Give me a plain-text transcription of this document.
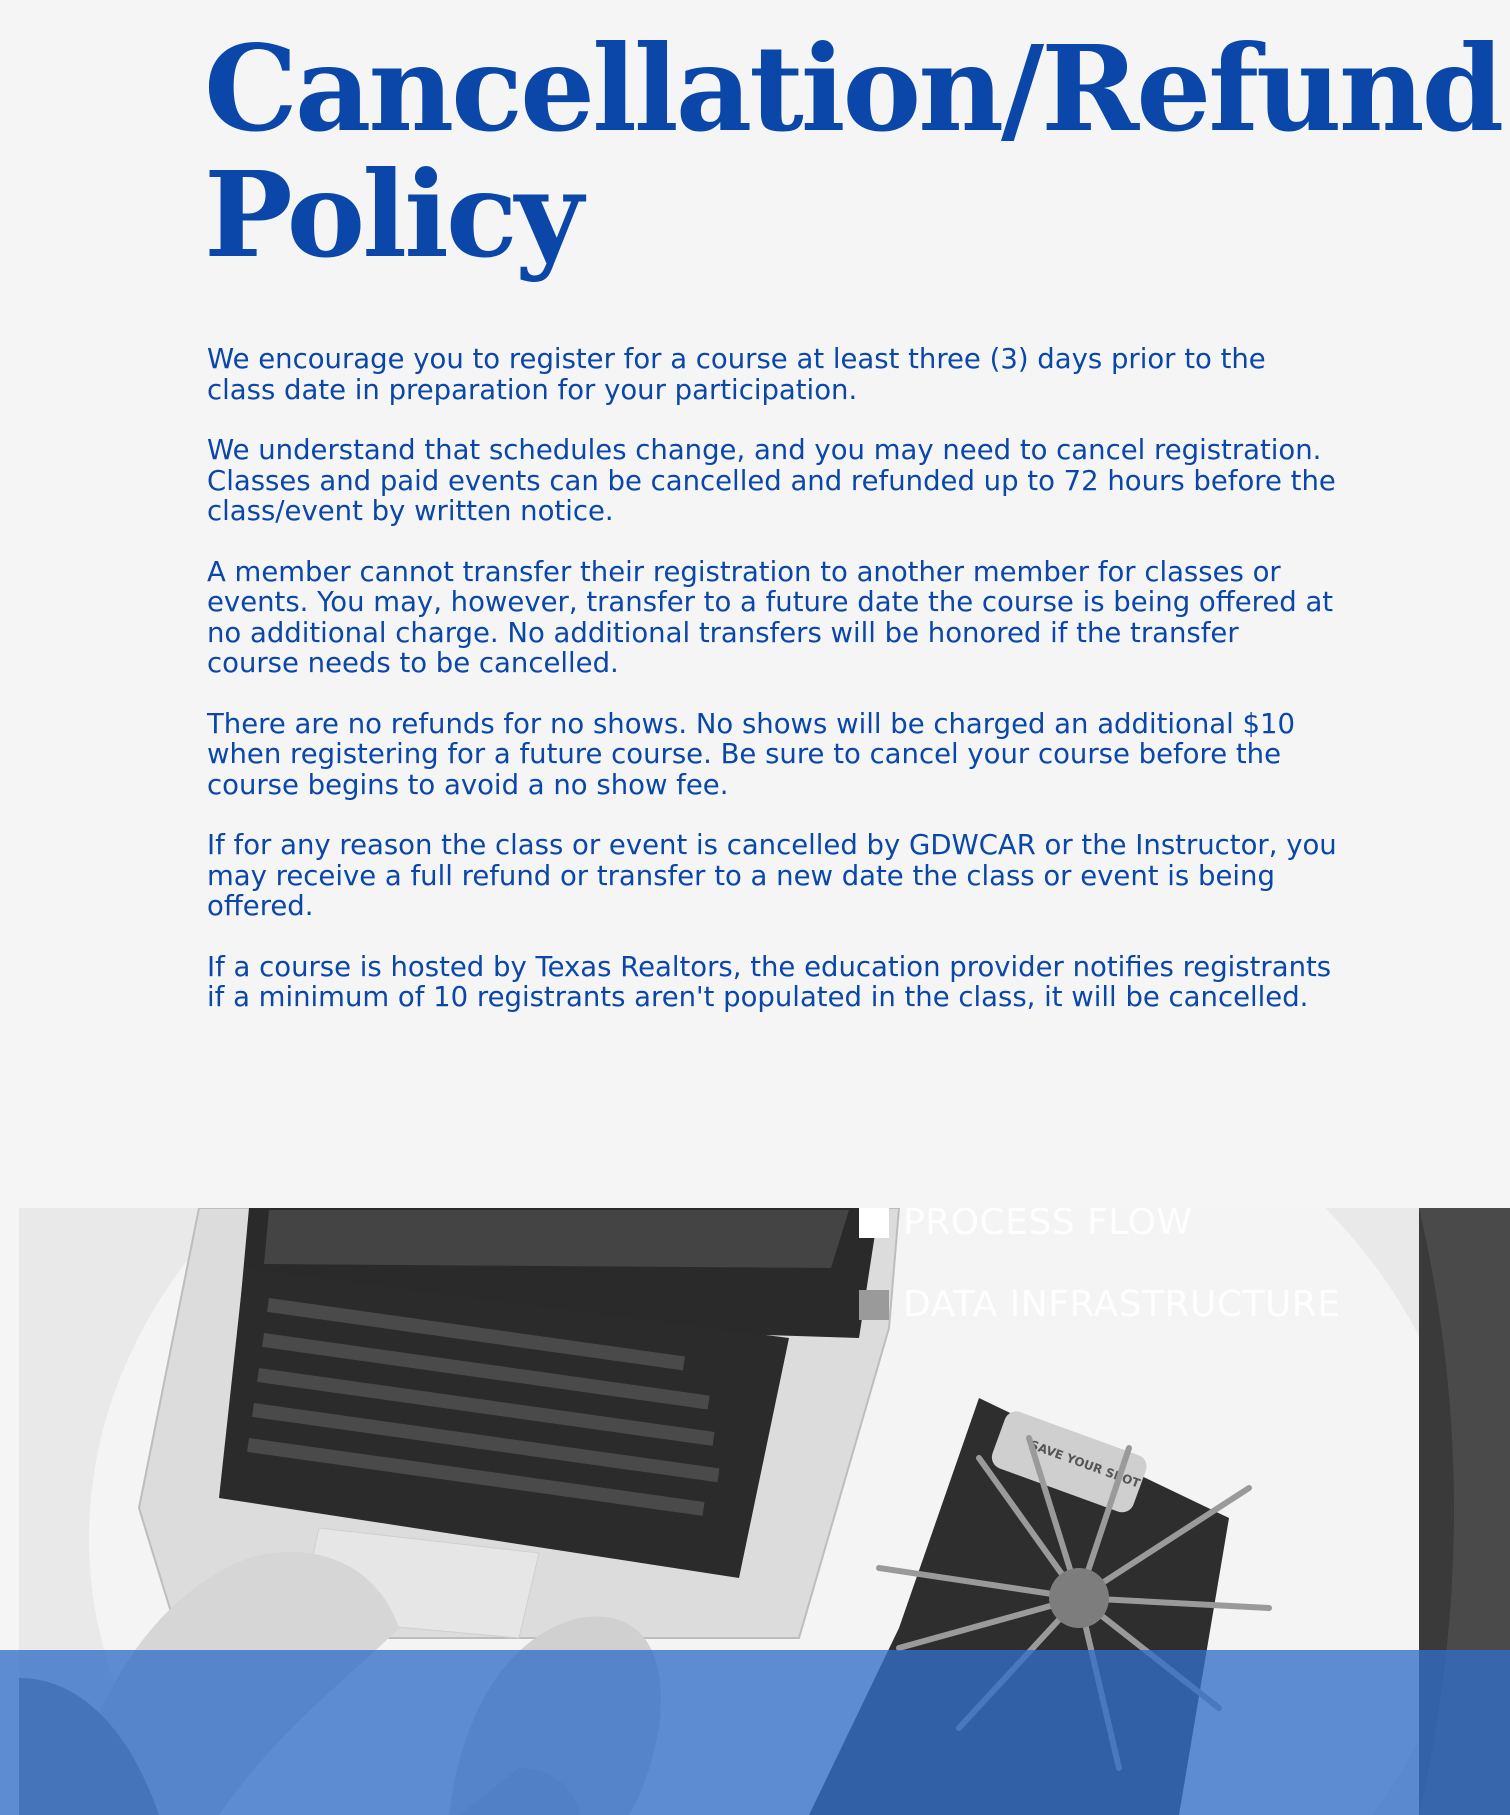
Cancellation/Refund
Policy

We encourage you to register for a course at least three (3) days prior to the class date in preparation for your participation.

We understand that schedules change, and you may need to cancel registration. Classes and paid events can be cancelled and refunded up to 72 hours before the class/event by written notice.

A member cannot transfer their registration to another member for classes or events. You may, however, transfer to a future date the course is being offered at no additional charge. No additional transfers will be honored if the transfer course needs to be cancelled.

There are no refunds for no shows. No shows will be charged an additional $10 when registering for a future course. Be sure to cancel your course before the course begins to avoid a no show fee.

If for any reason the class or event is cancelled by GDWCAR or the Instructor, you may receive a full refund or transfer to a new date the class or event is being offered.

If a course is hosted by Texas Realtors, the education provider notifies registrants if a minimum of 10 registrants aren't populated in the class, it will be cancelled.

SAVE YOUR SPOT
PROCESS FLOW
DATA INFRASTRUCTURE
